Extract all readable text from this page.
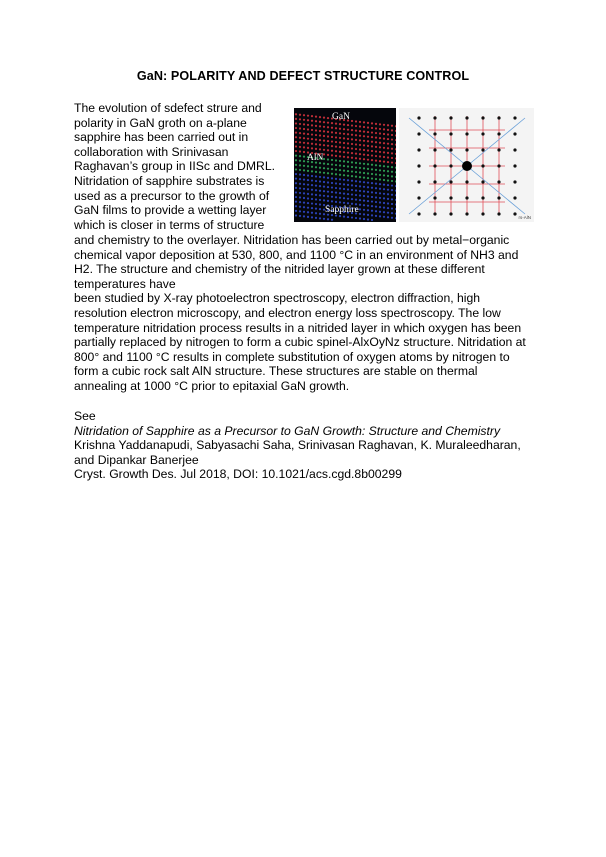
GaN: POLARITY AND DEFECT STRUCTURE CONTROL
The evolution of sdefect strure and
polarity in GaN groth on a-plane
sapphire has been carried out in
collaboration with Srinivasan
Raghavan’s group in IISc and DMRL.
Nitridation of sapphire substrates is
used as a precursor to the growth of
GaN films to provide a wetting layer
which is closer in terms of structure
GaN
AlN
Sapphire
rs-AlN
and chemistry to the overlayer. Nitridation has been carried out by metal−organic
chemical vapor deposition at 530, 800, and 1100 °C in an environment of NH3 and
H2. The structure and chemistry of the nitrided layer grown at these different
temperatures have
been studied by X-ray photoelectron spectroscopy, electron diffraction, high
resolution electron microscopy, and electron energy loss spectroscopy. The low
temperature nitridation process results in a nitrided layer in which oxygen has been
partially replaced by nitrogen to form a cubic spinel-AlxOyNz structure. Nitridation at
800° and 1100 °C results in complete substitution of oxygen atoms by nitrogen to
form a cubic rock salt AlN structure. These structures are stable on thermal
annealing at 1000 °C prior to epitaxial GaN growth.
See
Nitridation of Sapphire as a Precursor to GaN Growth: Structure and Chemistry
Krishna Yaddanapudi, Sabyasachi Saha, Srinivasan Raghavan, K. Muraleedharan,
and Dipankar Banerjee
Cryst. Growth Des. Jul 2018, DOI: 10.1021/acs.cgd.8b00299
